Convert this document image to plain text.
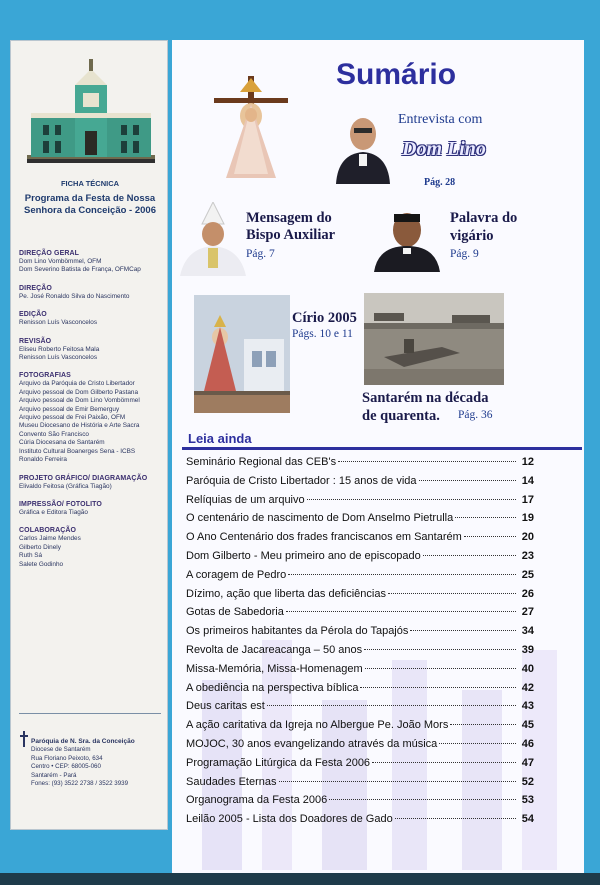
FICHA TÉCNICA
Programa da Festa de Nossa Senhora da Conceição - 2006
DIREÇÃO GERAL
Dom Lino Vombömmel, OFM
Dom Severino Batista de França, OFMCap
DIREÇÃO
Pe. José Ronaldo Silva do Nascimento
EDIÇÃO
Renisson Luís Vasconcelos
REVISÃO
Eliseu Roberto Feitosa Mala
Renisson Luís Vasconcelos
FOTOGRAFIAS
Arquivo da Paróquia de Cristo Libertador
Arquivo pessoal de Dom Gilberto Pastana
Arquivo pessoal de Dom Lino Vombömmel
Arquivo pessoal de Emir Bemerguy
Arquivo pessoal de Frei Paixão, OFM
Museu Diocesano de História e Arte Sacra
Convento São Francisco
Cúria Diocesana de Santarém
Instituto Cultural Boanerges Sena - ICBS
Ronaldo Ferreira
PROJETO GRÁFICO/ DIAGRAMAÇÃO
Elivaldo Feitosa (Gráfica Tiagão)
IMPRESSÃO/ FOTOLITO
Gráfica e Editora Tiagão
COLABORAÇÃO
Carlos Jaime Mendes
Gilberto Dinely
Ruth Sá
Salete Godinho
Paróquia de N. Sra. da Conceição
Diocese de Santarém
Rua Floriano Peixoto, 634
Centro • CEP: 68005-060
Santarém - Pará
Fones: (93) 3522 2738 / 3522 3939
Sumário
Entrevista com
Dom Lino
Pág. 28
Mensagem do
Bispo Auxiliar
Pág. 7
Palavra do
vigário
Pág. 9
Círio 2005
Págs. 10 e 11
Santarém na década
de quarenta. Pág. 36
Leia ainda
Seminário Regional das CEB's	12
Paróquia de Cristo Libertador : 15 anos de vida	14
Relíquias de um arquivo	17
O centenário de nascimento de Dom Anselmo Pietrulla	19
O Ano Centenário dos frades franciscanos em Santarém	20
Dom Gilberto - Meu primeiro ano de episcopado	23
A coragem de Pedro	25
Dízimo, ação que liberta das deficiências	26
Gotas de Sabedoria	27
Os primeiros habitantes da Pérola do Tapajós	34
Revolta de Jacareacanga – 50 anos	39
Missa-Memória, Missa-Homenagem	40
A obediência na perspectiva bíblica	42
Deus caritas est	43
A ação caritativa da Igreja no Albergue Pe. João Mors	45
MOJOC, 30 anos evangelizando através da música	46
Programação Litúrgica da Festa 2006	47
Saudades Eternas	52
Organograma da Festa 2006	53
Leilão 2005 - Lista dos Doadores de Gado	54
